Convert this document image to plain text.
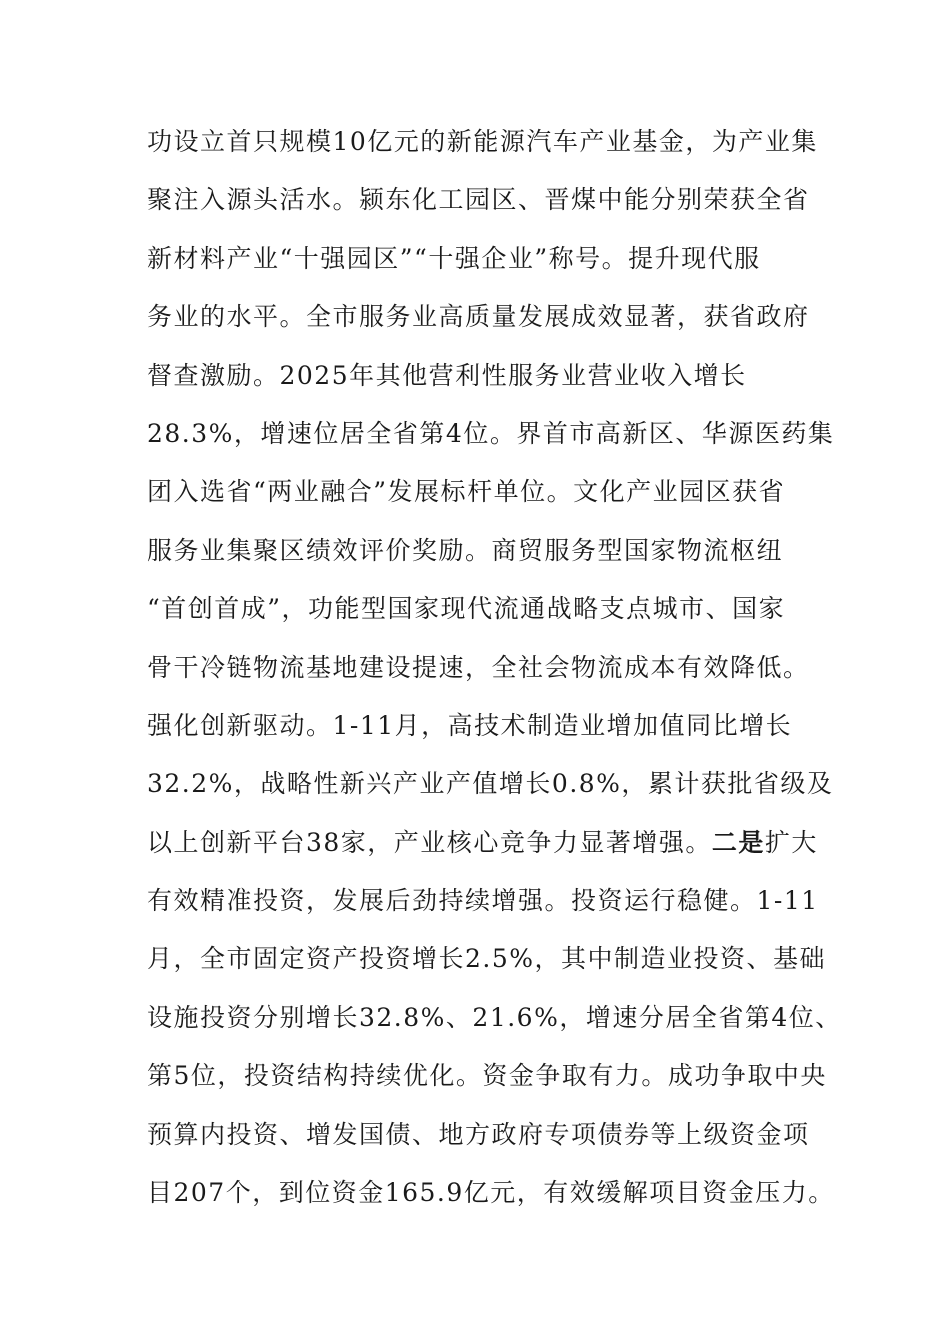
功设立首只规模10亿元的新能源汽车产业基金，为产业集
聚注入源头活水。颍东化工园区、晋煤中能分别荣获全省
新材料产业“十强园区”“十强企业”称号。提升现代服
务业的水平。全市服务业高质量发展成效显著，获省政府
督查激励。2025年其他营利性服务业营业收入增长
28.3%，增速位居全省第4位。界首市高新区、华源医药集
团入选省“两业融合”发展标杆单位。文化产业园区获省
服务业集聚区绩效评价奖励。商贸服务型国家物流枢纽
“首创首成”，功能型国家现代流通战略支点城市、国家
骨干冷链物流基地建设提速，全社会物流成本有效降低。
强化创新驱动。1-11月，高技术制造业增加值同比增长
32.2%，战略性新兴产业产值增长0.8%，累计获批省级及
以上创新平台38家，产业核心竞争力显著增强。二是扩大
有效精准投资，发展后劲持续增强。投资运行稳健。1-11
月，全市固定资产投资增长2.5%，其中制造业投资、基础
设施投资分别增长32.8%、21.6%，增速分居全省第4位、
第5位，投资结构持续优化。资金争取有力。成功争取中央
预算内投资、增发国债、地方政府专项债券等上级资金项
目207个，到位资金165.9亿元，有效缓解项目资金压力。
